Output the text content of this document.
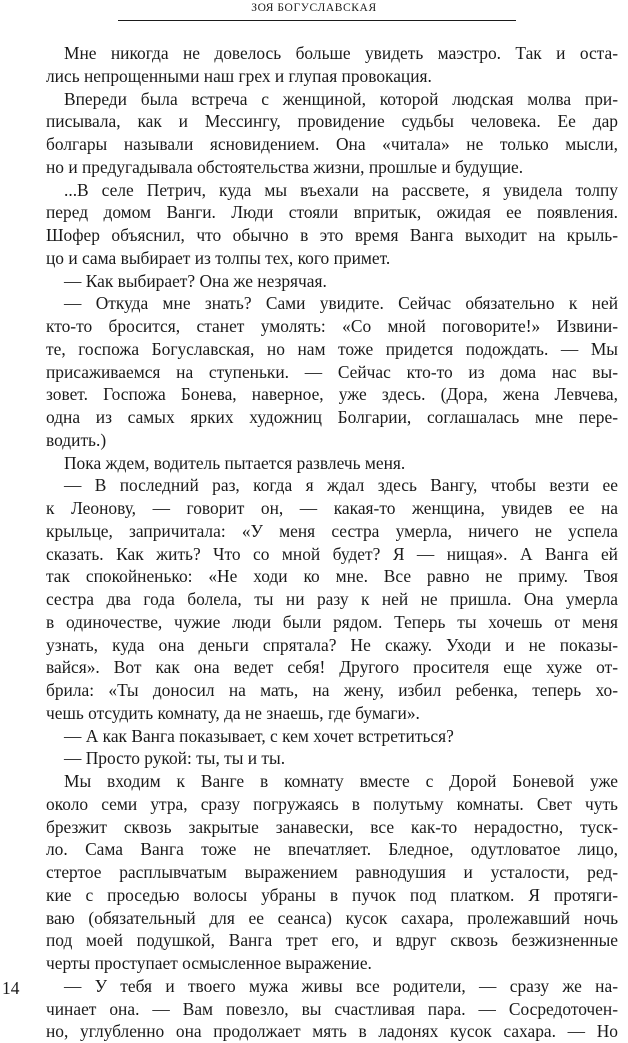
ЗОЯ БОГУСЛАВСКАЯ
Мне никогда не довелось больше увидеть маэстро. Так и оста-
лись непрощенными наш грех и глупая провокация.
Впереди была встреча с женщиной, которой людская молва при-
писывала, как и Мессингу, провидение судьбы человека. Ее дар
болгары называли ясновидением. Она «читала» не только мысли,
но и предугадывала обстоятельства жизни, прошлые и будущие.
...В селе Петрич, куда мы въехали на рассвете, я увидела толпу
перед домом Ванги. Люди стояли впритык, ожидая ее появления.
Шофер объяснил, что обычно в это время Ванга выходит на крыль-
цо и сама выбирает из толпы тех, кого примет.
— Как выбирает? Она же незрячая.
— Откуда мне знать? Сами увидите. Сейчас обязательно к ней
кто-то бросится, станет умолять: «Со мной поговорите!» Извини-
те, госпожа Богуславская, но нам тоже придется подождать. — Мы
присаживаемся на ступеньки. — Сейчас кто-то из дома нас вы-
зовет. Госпожа Бонева, наверное, уже здесь. (Дора, жена Левчева,
одна из самых ярких художниц Болгарии, соглашалась мне пере-
водить.)
Пока ждем, водитель пытается развлечь меня.
— В последний раз, когда я ждал здесь Вангу, чтобы везти ее
к Леонову, — говорит он, — какая-то женщина, увидев ее на
крыльце, запричитала: «У меня сестра умерла, ничего не успела
сказать. Как жить? Что со мной будет? Я — нищая». А Ванга ей
так спокойненько: «Не ходи ко мне. Все равно не приму. Твоя
сестра два года болела, ты ни разу к ней не пришла. Она умерла
в одиночестве, чужие люди были рядом. Теперь ты хочешь от меня
узнать, куда она деньги спрятала? Не скажу. Уходи и не показы-
вайся». Вот как она ведет себя! Другого просителя еще хуже от-
брила: «Ты доносил на мать, на жену, избил ребенка, теперь хо-
чешь отсудить комнату, да не знаешь, где бумаги».
— А как Ванга показывает, с кем хочет встретиться?
— Просто рукой: ты, ты и ты.
Мы входим к Ванге в комнату вместе с Дорой Боневой уже
около семи утра, сразу погружаясь в полутьму комнаты. Свет чуть
брезжит сквозь закрытые занавески, все как-то нерадостно, туск-
ло. Сама Ванга тоже не впечатляет. Бледное, одутловатое лицо,
стертое расплывчатым выражением равнодушия и усталости, ред-
кие с проседью волосы убраны в пучок под платком. Я протяги-
ваю (обязательный для ее сеанса) кусок сахара, пролежавший ночь
под моей подушкой, Ванга трет его, и вдруг сквозь безжизненные
черты проступает осмысленное выражение.
— У тебя и твоего мужа живы все родители, — сразу же на-
чинает она. — Вам повезло, вы счастливая пара. — Сосредоточен-
но, углубленно она продолжает мять в ладонях кусок сахара. — Но
14
